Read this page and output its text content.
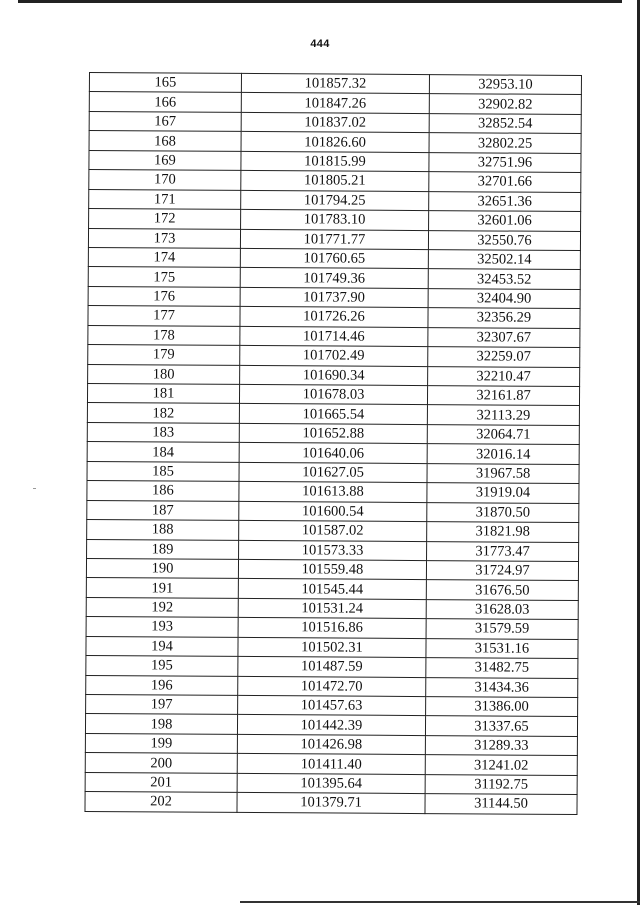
444
165	101857.32	32953.10
166	101847.26	32902.82
167	101837.02	32852.54
168	101826.60	32802.25
169	101815.99	32751.96
170	101805.21	32701.66
171	101794.25	32651.36
172	101783.10	32601.06
173	101771.77	32550.76
174	101760.65	32502.14
175	101749.36	32453.52
176	101737.90	32404.90
177	101726.26	32356.29
178	101714.46	32307.67
179	101702.49	32259.07
180	101690.34	32210.47
181	101678.03	32161.87
182	101665.54	32113.29
183	101652.88	32064.71
184	101640.06	32016.14
185	101627.05	31967.58
186	101613.88	31919.04
187	101600.54	31870.50
188	101587.02	31821.98
189	101573.33	31773.47
190	101559.48	31724.97
191	101545.44	31676.50
192	101531.24	31628.03
193	101516.86	31579.59
194	101502.31	31531.16
195	101487.59	31482.75
196	101472.70	31434.36
197	101457.63	31386.00
198	101442.39	31337.65
199	101426.98	31289.33
200	101411.40	31241.02
201	101395.64	31192.75
202	101379.71	31144.50
